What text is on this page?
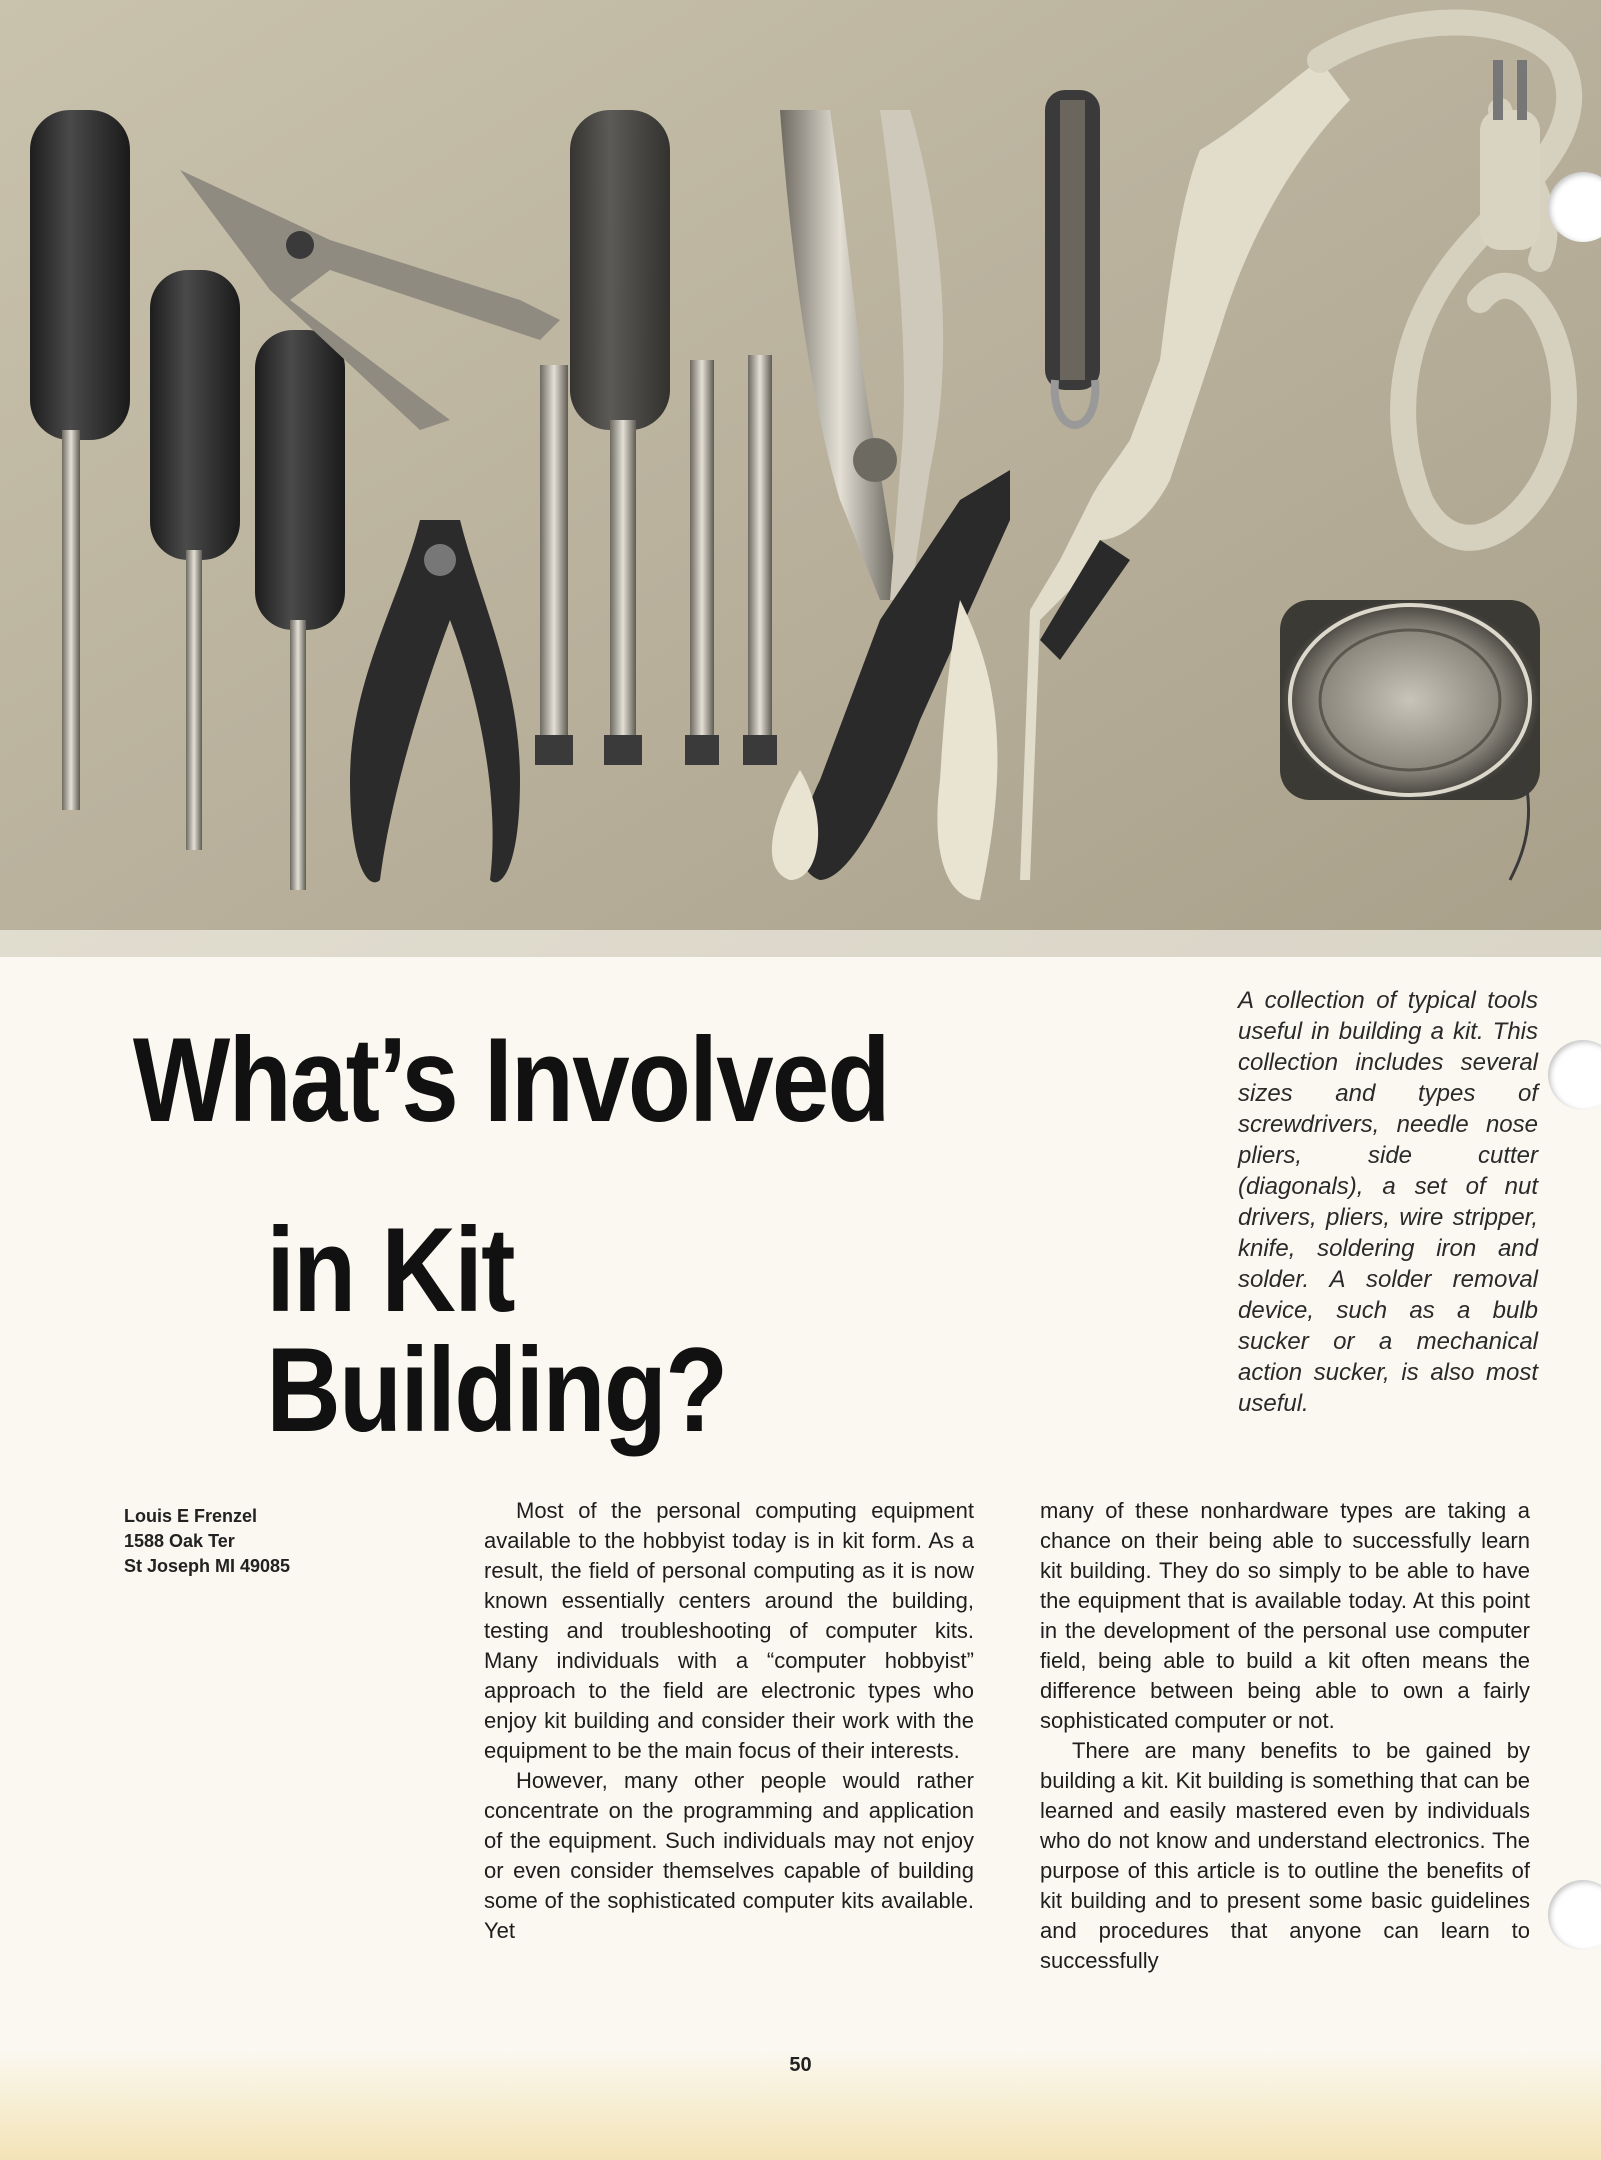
What’s Involved
in Kit Building?
A collection of typical tools useful in building a kit. This collection includes several sizes and types of screwdrivers, needle nose pliers, side cutter (diagonals), a set of nut drivers, pliers, wire stripper, knife, soldering iron and solder. A solder removal device, such as a bulb sucker or a mechanical action sucker, is also most useful.
Louis E Frenzel
1588 Oak Ter
St Joseph MI 49085

Most of the personal computing equipment available to the hobbyist today is in kit form. As a result, the field of personal computing as it is now known essentially centers around the building, testing and troubleshooting of computer kits. Many individuals with a “computer hobbyist” approach to the field are electronic types who enjoy kit building and consider their work with the equipment to be the main focus of their interests.

However, many other people would rather concentrate on the programming and application of the equipment. Such individuals may not enjoy or even consider themselves capable of building some of the sophisticated computer kits available. Yet

many of these nonhardware types are taking a chance on their being able to successfully learn kit building. They do so simply to be able to have the equipment that is available today. At this point in the development of the personal use computer field, being able to build a kit often means the difference between being able to own a fairly sophisticated computer or not.

There are many benefits to be gained by building a kit. Kit building is something that can be learned and easily mastered even by individuals who do not know and understand electronics. The purpose of this article is to outline the benefits of kit building and to present some basic guidelines and procedures that anyone can learn to successfully

50
